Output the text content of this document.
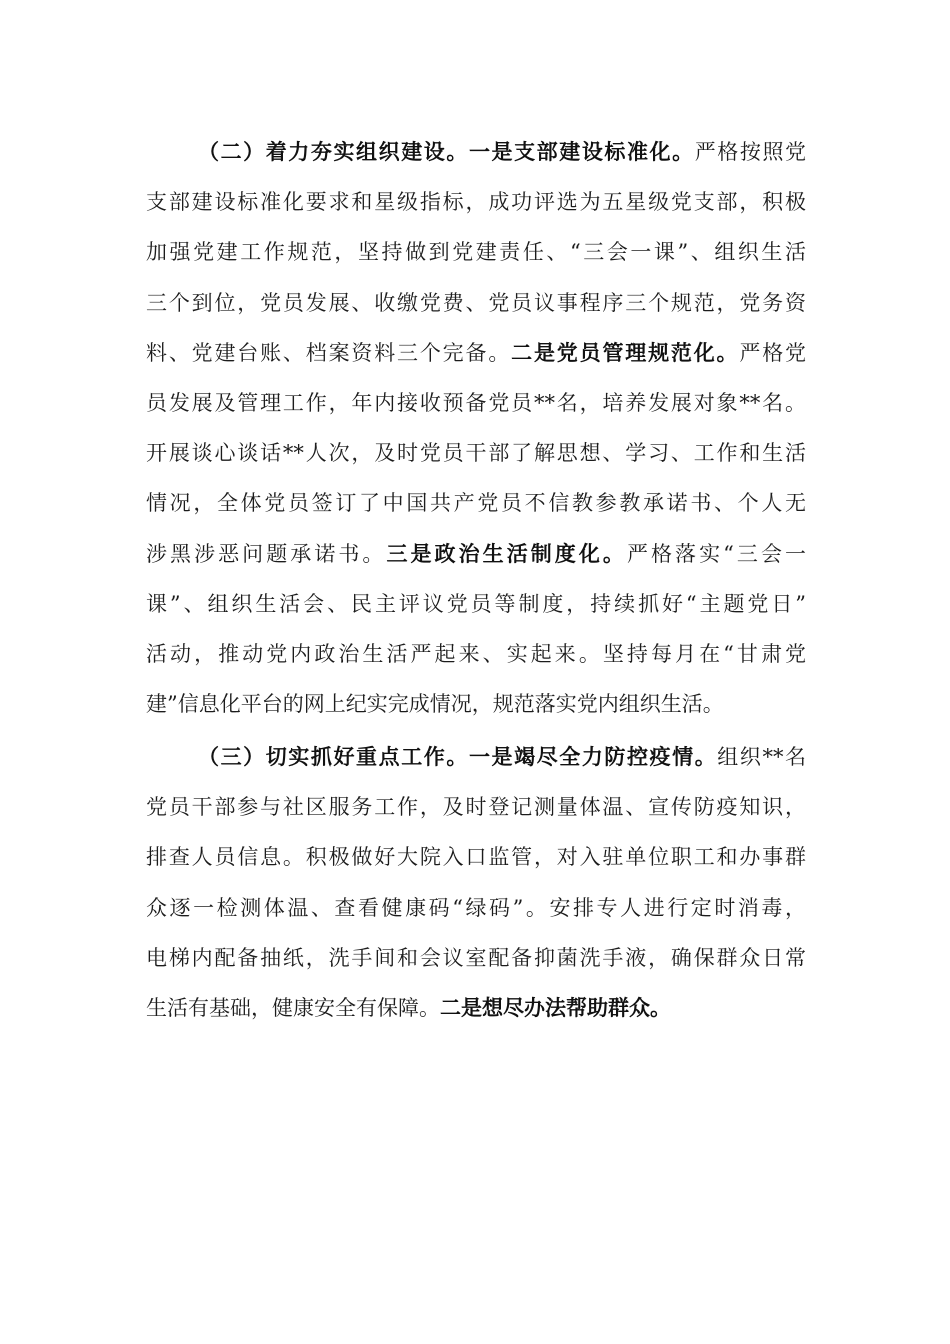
（二）着力夯实组织建设。一是支部建设标准化。严格按照党
支部建设标准化要求和星级指标，成功评选为五星级党支部，积极
加强党建工作规范，坚持做到党建责任、“三会一课”、组织生活
三个到位，党员发展、收缴党费、党员议事程序三个规范，党务资
料、党建台账、档案资料三个完备。二是党员管理规范化。严格党
员发展及管理工作，年内接收预备党员**名，培养发展对象**名。
开展谈心谈话**人次，及时党员干部了解思想、学习、工作和生活
情况，全体党员签订了中国共产党员不信教参教承诺书、个人无
涉黑涉恶问题承诺书。三是政治生活制度化。严格落实“三会一
课”、组织生活会、民主评议党员等制度，持续抓好“主题党日”
活动，推动党内政治生活严起来、实起来。坚持每月在“甘肃党
建”信息化平台的网上纪实完成情况，规范落实党内组织生活。
（三）切实抓好重点工作。一是竭尽全力防控疫情。组织**名
党员干部参与社区服务工作，及时登记测量体温、宣传防疫知识，
排查人员信息。积极做好大院入口监管，对入驻单位职工和办事群
众逐一检测体温、查看健康码“绿码”。安排专人进行定时消毒，
电梯内配备抽纸，洗手间和会议室配备抑菌洗手液，确保群众日常
生活有基础，健康安全有保障。二是想尽办法帮助群众。
